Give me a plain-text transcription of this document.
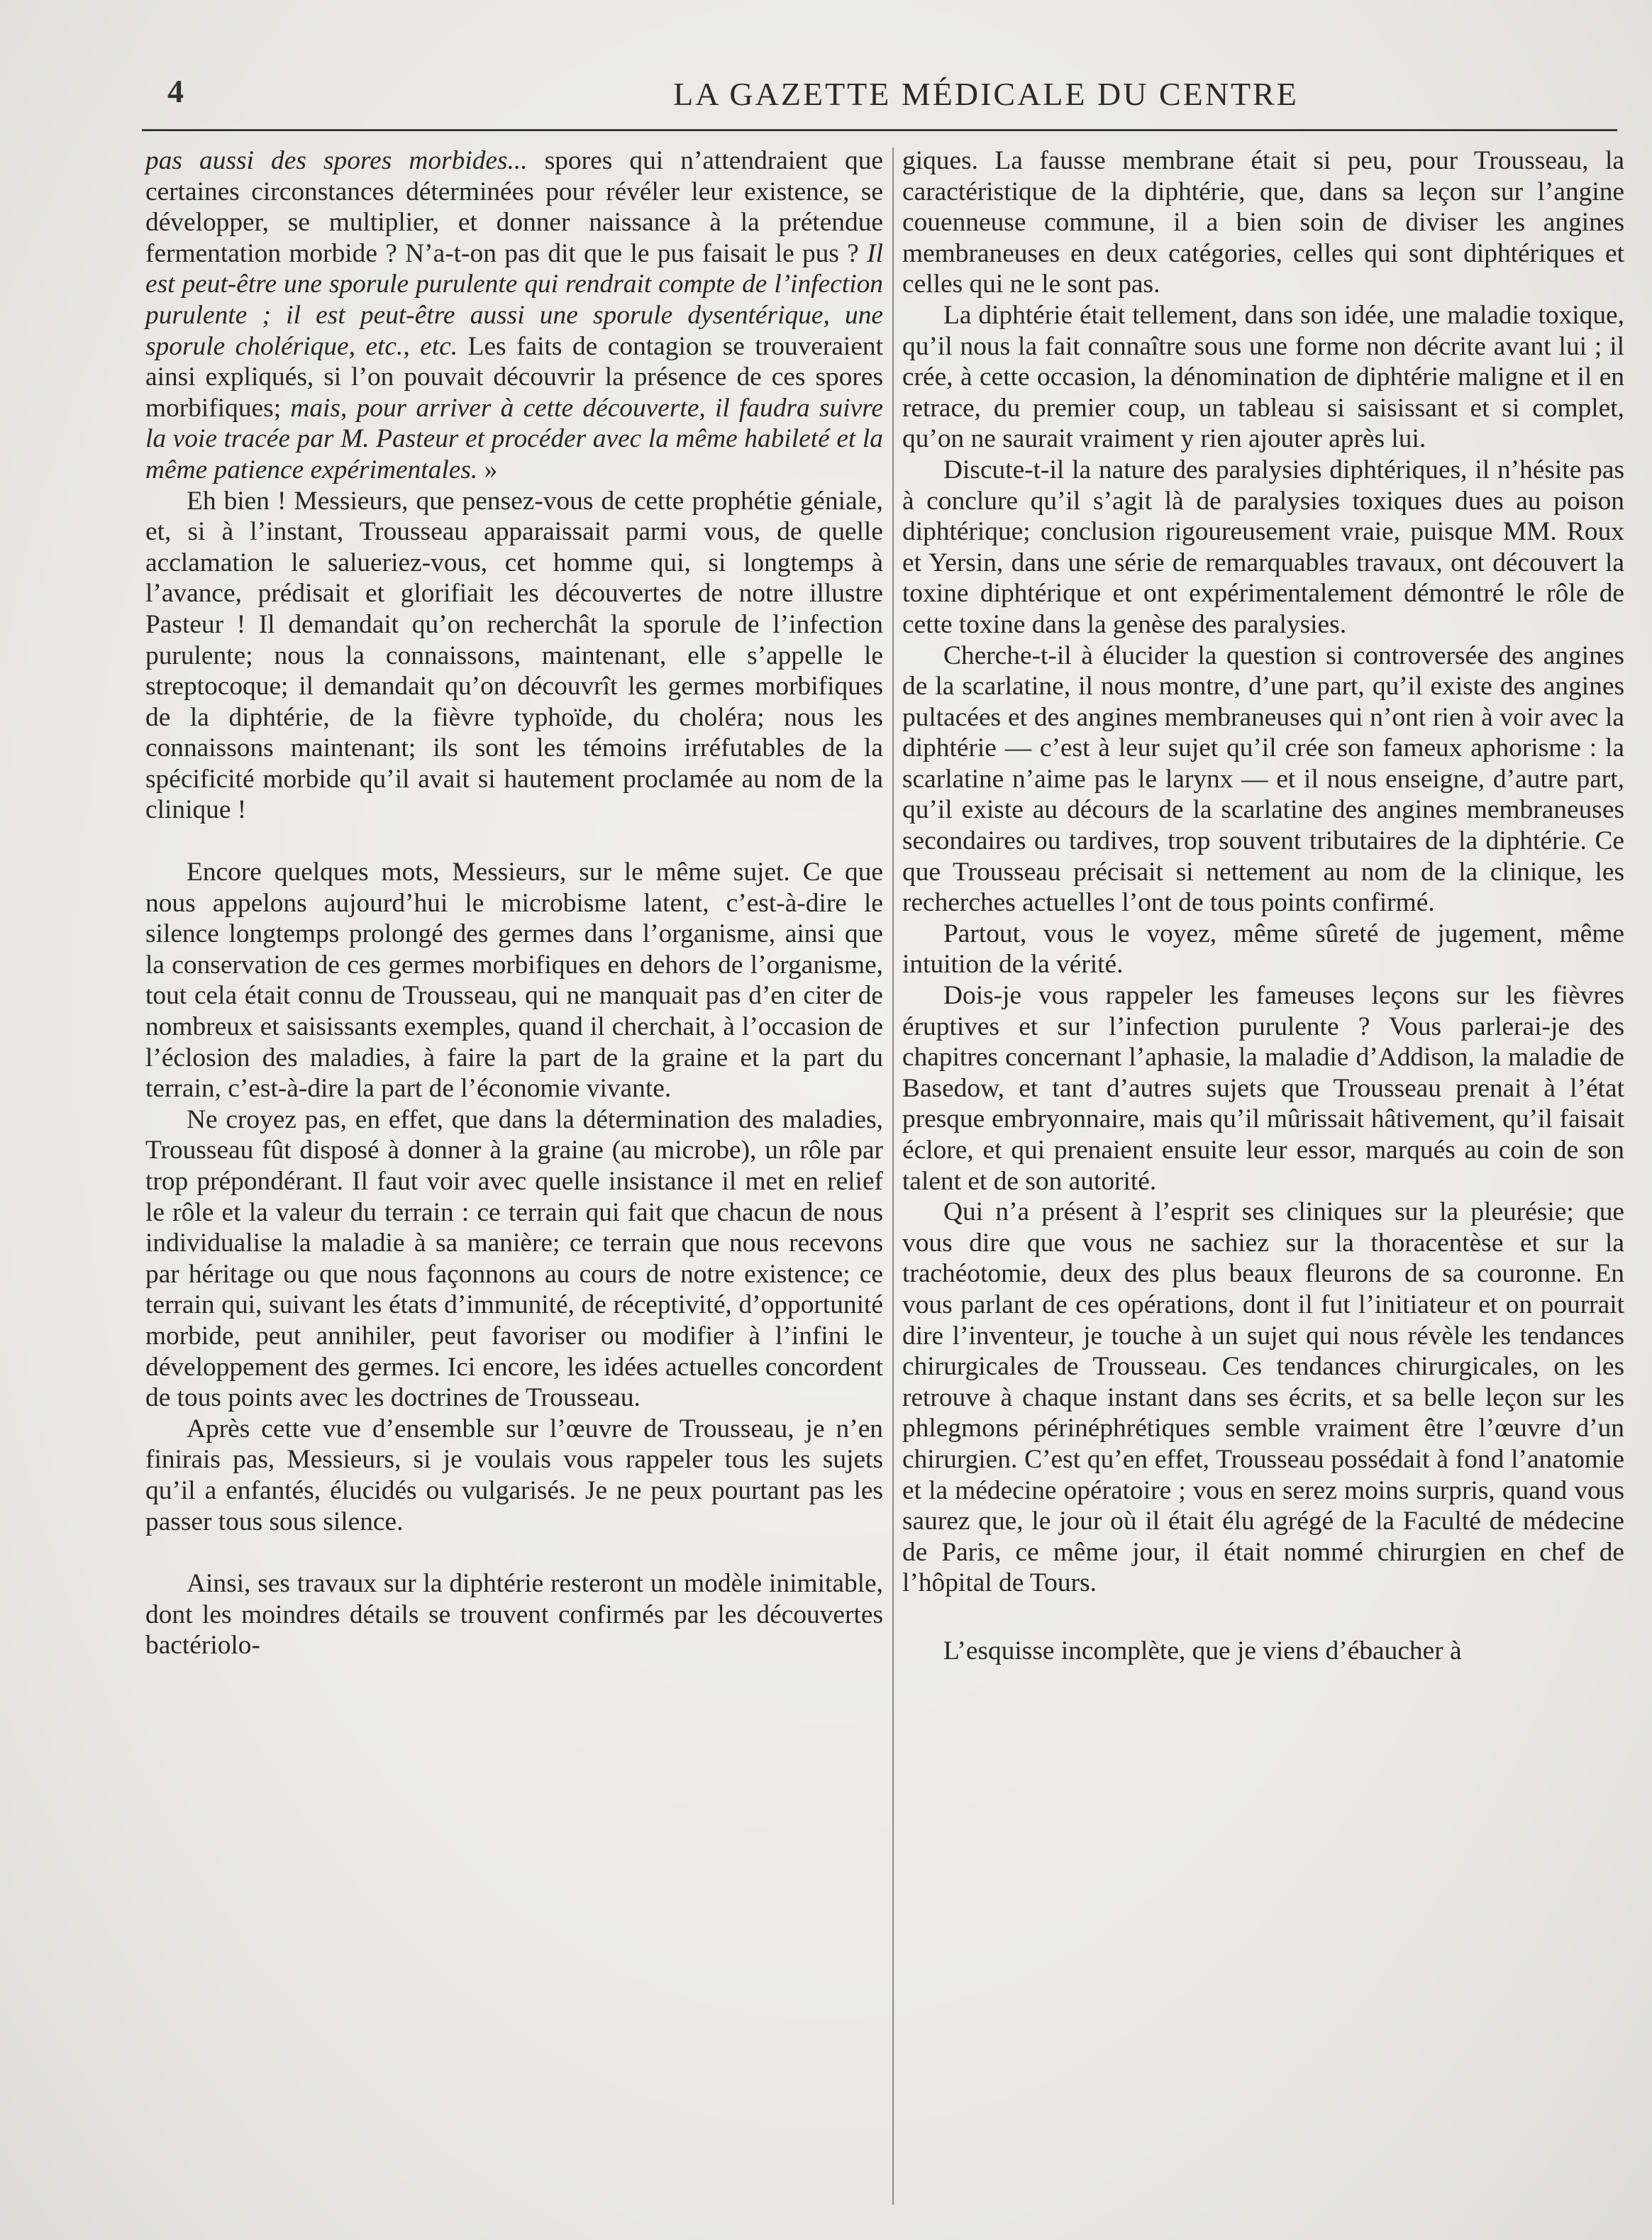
4	LA GAZETTE MÉDICALE DU CENTRE

pas aussi des spores morbides... spores qui n’attendraient que certaines circonstances déterminées pour révéler leur existence, se développer, se multiplier, et donner naissance à la prétendue fermentation morbide ? N’a-t-on pas dit que le pus faisait le pus ? Il est peut-être une sporule purulente qui rendrait compte de l’infection purulente ; il est peut-être aussi une sporule dysentérique, une sporule cholérique, etc., etc. Les faits de contagion se trouveraient ainsi expliqués, si l’on pouvait découvrir la présence de ces spores morbifiques; mais, pour arriver à cette découverte, il faudra suivre la voie tracée par M. Pasteur et procéder avec la même habileté et la même patience expérimentales. »

Eh bien ! Messieurs, que pensez-vous de cette prophétie géniale, et, si à l’instant, Trousseau apparaissait parmi vous, de quelle acclamation le salueriez-vous, cet homme qui, si longtemps à l’avance, prédisait et glorifiait les découvertes de notre illustre Pasteur ! Il demandait qu’on recherchât la sporule de l’infection purulente; nous la connaissons, maintenant, elle s’appelle le streptocoque; il demandait qu’on découvrît les germes morbifiques de la diphtérie, de la fièvre typhoïde, du choléra; nous les connaissons maintenant; ils sont les témoins irréfutables de la spécificité morbide qu’il avait si hautement proclamée au nom de la clinique !

Encore quelques mots, Messieurs, sur le même sujet. Ce que nous appelons aujourd’hui le microbisme latent, c’est-à-dire le silence longtemps prolongé des germes dans l’organisme, ainsi que la conservation de ces germes morbifiques en dehors de l’organisme, tout cela était connu de Trousseau, qui ne manquait pas d’en citer de nombreux et saisissants exemples, quand il cherchait, à l’occasion de l’éclosion des maladies, à faire la part de la graine et la part du terrain, c’est-à-dire la part de l’économie vivante.

Ne croyez pas, en effet, que dans la détermination des maladies, Trousseau fût disposé à donner à la graine (au microbe), un rôle par trop prépondérant. Il faut voir avec quelle insistance il met en relief le rôle et la valeur du terrain : ce terrain qui fait que chacun de nous individualise la maladie à sa manière; ce terrain que nous recevons par héritage ou que nous façonnons au cours de notre existence; ce terrain qui, suivant les états d’immunité, de réceptivité, d’opportunité morbide, peut annihiler, peut favoriser ou modifier à l’infini le développement des germes. Ici encore, les idées actuelles concordent de tous points avec les doctrines de Trousseau.

Après cette vue d’ensemble sur l’œuvre de Trousseau, je n’en finirais pas, Messieurs, si je voulais vous rappeler tous les sujets qu’il a enfantés, élucidés ou vulgarisés. Je ne peux pourtant pas les passer tous sous silence.

Ainsi, ses travaux sur la diphtérie resteront un modèle inimitable, dont les moindres détails se trouvent confirmés par les découvertes bactériolo-

giques. La fausse membrane était si peu, pour Trousseau, la caractéristique de la diphtérie, que, dans sa leçon sur l’angine couenneuse commune, il a bien soin de diviser les angines membraneuses en deux catégories, celles qui sont diphtériques et celles qui ne le sont pas.

La diphtérie était tellement, dans son idée, une maladie toxique, qu’il nous la fait connaître sous une forme non décrite avant lui ; il crée, à cette occasion, la dénomination de diphtérie maligne et il en retrace, du premier coup, un tableau si saisissant et si complet, qu’on ne saurait vraiment y rien ajouter après lui.

Discute-t-il la nature des paralysies diphtériques, il n’hésite pas à conclure qu’il s’agit là de paralysies toxiques dues au poison diphtérique; conclusion rigoureusement vraie, puisque MM. Roux et Yersin, dans une série de remarquables travaux, ont découvert la toxine diphtérique et ont expérimentalement démontré le rôle de cette toxine dans la genèse des paralysies.

Cherche-t-il à élucider la question si controversée des angines de la scarlatine, il nous montre, d’une part, qu’il existe des angines pultacées et des angines membraneuses qui n’ont rien à voir avec la diphtérie — c’est à leur sujet qu’il crée son fameux aphorisme : la scarlatine n’aime pas le larynx — et il nous enseigne, d’autre part, qu’il existe au décours de la scarlatine des angines membraneuses secondaires ou tardives, trop souvent tributaires de la diphtérie. Ce que Trousseau précisait si nettement au nom de la clinique, les recherches actuelles l’ont de tous points confirmé.

Partout, vous le voyez, même sûreté de jugement, même intuition de la vérité.

Dois-je vous rappeler les fameuses leçons sur les fièvres éruptives et sur l’infection purulente ? Vous parlerai-je des chapitres concernant l’aphasie, la maladie d’Addison, la maladie de Basedow, et tant d’autres sujets que Trousseau prenait à l’état presque embryonnaire, mais qu’il mûrissait hâtivement, qu’il faisait éclore, et qui prenaient ensuite leur essor, marqués au coin de son talent et de son autorité.

Qui n’a présent à l’esprit ses cliniques sur la pleurésie; que vous dire que vous ne sachiez sur la thoracentèse et sur la trachéotomie, deux des plus beaux fleurons de sa couronne. En vous parlant de ces opérations, dont il fut l’initiateur et on pourrait dire l’inventeur, je touche à un sujet qui nous révèle les tendances chirurgicales de Trousseau. Ces tendances chirurgicales, on les retrouve à chaque instant dans ses écrits, et sa belle leçon sur les phlegmons périnéphrétiques semble vraiment être l’œuvre d’un chirurgien. C’est qu’en effet, Trousseau possédait à fond l’anatomie et la médecine opératoire ; vous en serez moins surpris, quand vous saurez que, le jour où il était élu agrégé de la Faculté de médecine de Paris, ce même jour, il était nommé chirurgien en chef de l’hôpital de Tours.

L’esquisse incomplète, que je viens d’ébaucher à
